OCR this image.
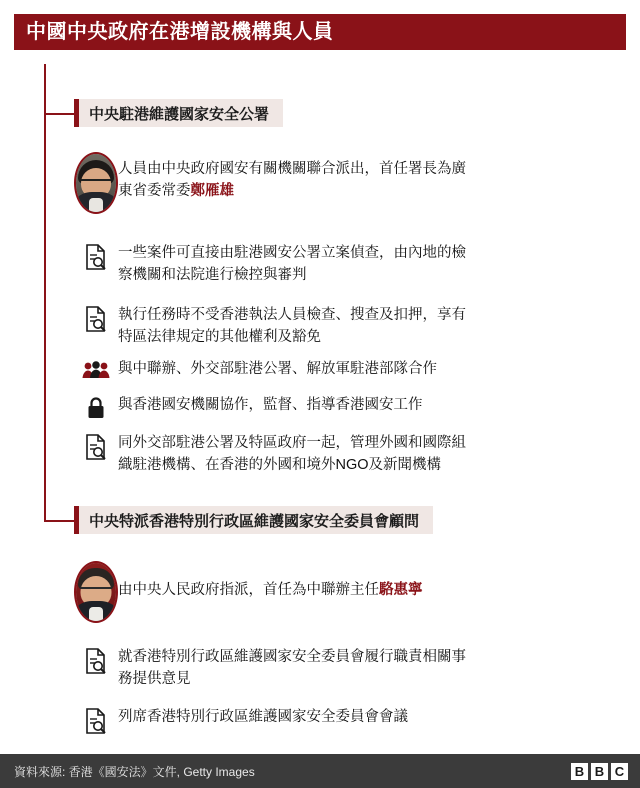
中國中央政府在港增設機構與人員
中央駐港維護國家安全公署
人員由中央政府國安有關機關聯合派出，首任署長為廣東省委常委鄭雁雄
一些案件可直接由駐港國安公署立案偵查，由內地的檢察機關和法院進行檢控與審判
執行任務時不受香港執法人員檢查、搜查及扣押，享有特區法律規定的其他權利及豁免
與中聯辦、外交部駐港公署、解放軍駐港部隊合作
與香港國安機關協作，監督、指導香港國安工作
同外交部駐港公署及特區政府一起，管理外國和國際組織駐港機構、在香港的外國和境外NGO及新聞機構
中央特派香港特別行政區維護國家安全委員會顧問
由中央人民政府指派，首任為中聯辦主任駱惠寧
就香港特別行政區維護國家安全委員會履行職責相關事務提供意見
列席香港特別行政區維護國家安全委員會會議
資料來源: 香港《國安法》文件, Getty Images	B B C
